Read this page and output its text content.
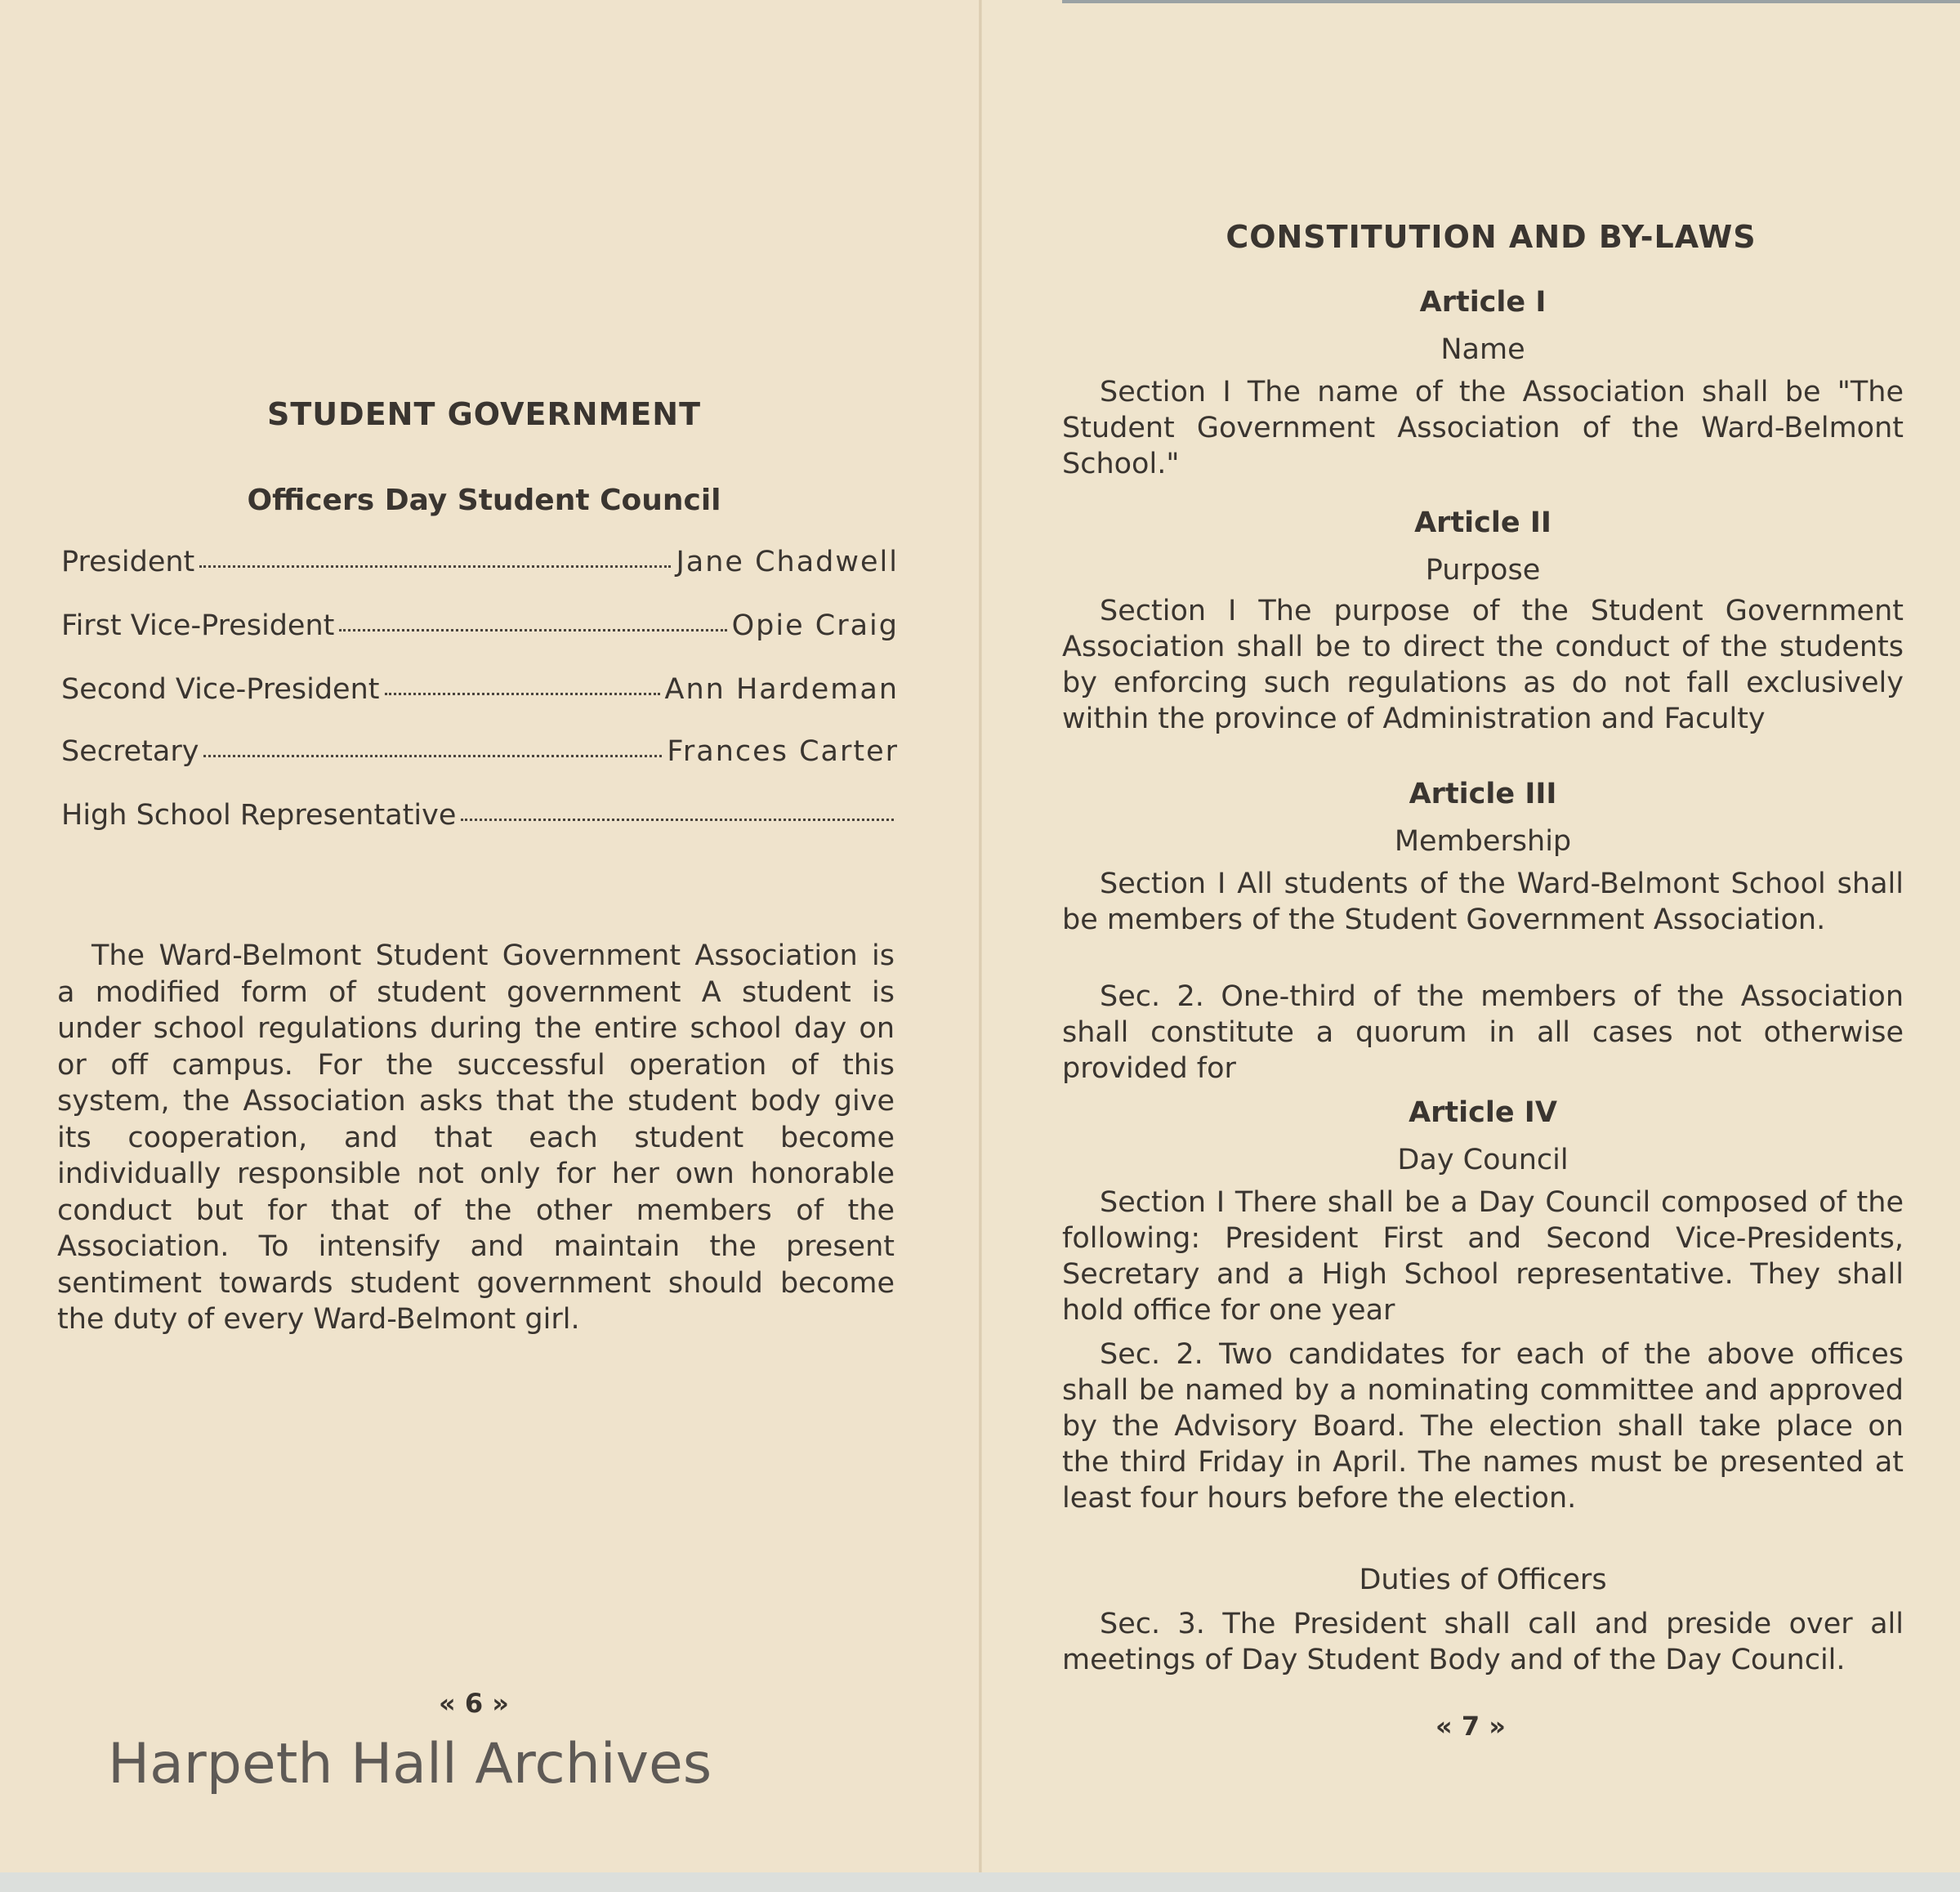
STUDENT GOVERNMENT
Officers Day Student Council
President	Jane Chadwell
First Vice-President	Opie Craig
Second Vice-President	Ann Hardeman
Secretary	Frances Carter
High School Representative
The Ward-Belmont Student Government Association is a modified form of student government A student is under school regulations during the entire school day on or off campus. For the successful operation of this system, the Association asks that the student body give its cooperation, and that each student become individually responsible not only for her own honorable conduct but for that of the other members of the Association. To intensify and maintain the present sentiment towards student government should become the duty of every Ward-Belmont girl.
« 6 »
Harpeth Hall Archives
CONSTITUTION AND BY-LAWS
Article I
Name
Section I The name of the Association shall be "The Student Government Association of the Ward-Belmont School."
Article II
Purpose
Section I The purpose of the Student Government Association shall be to direct the conduct of the students by enforcing such regulations as do not fall exclusively within the province of Administration and Faculty
Article III
Membership
Section I All students of the Ward-Belmont School shall be members of the Student Government Association.
Sec. 2. One-third of the members of the Association shall constitute a quorum in all cases not otherwise provided for
Article IV
Day Council
Section I There shall be a Day Council composed of the following: President First and Second Vice-Presidents, Secretary and a High School representative. They shall hold office for one year
Sec. 2. Two candidates for each of the above offices shall be named by a nominating committee and approved by the Advisory Board. The election shall take place on the third Friday in April. The names must be presented at least four hours before the election.
Duties of Officers
Sec. 3. The President shall call and preside over all meetings of Day Student Body and of the Day Council.
« 7 »
